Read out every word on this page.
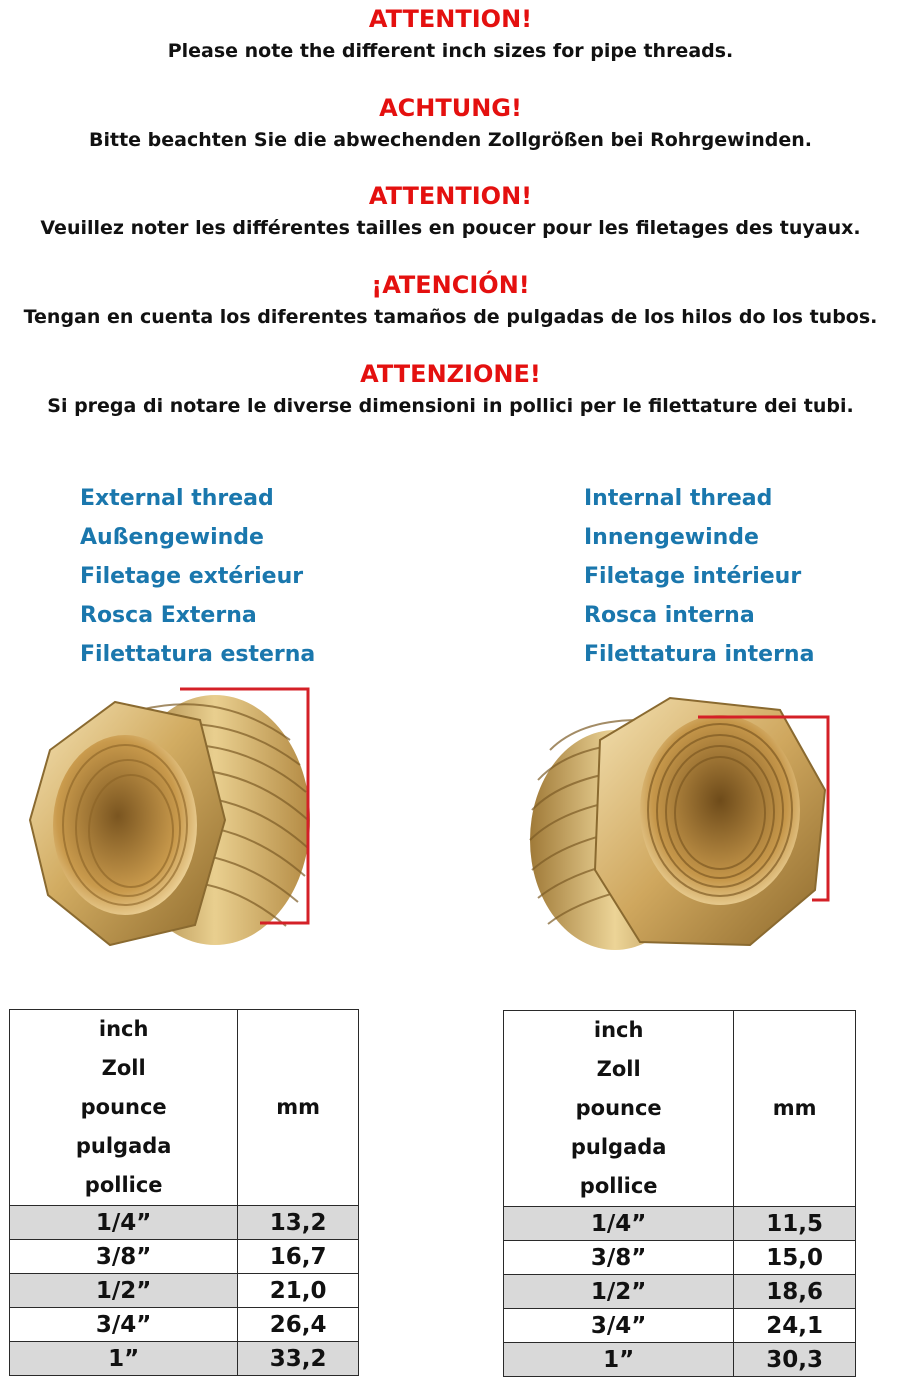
ATTENTION!
Please note the different inch sizes for pipe threads.
ACHTUNG!
Bitte beachten Sie die abwechenden Zollgrößen bei Rohrgewinden.
ATTENTION!
Veuillez noter les différentes tailles en poucer pour les filetages des tuyaux.
¡ATENCIÓN!
Tengan en cuenta los diferentes tamaños de pulgadas de los hilos do los tubos.
ATTENZIONE!
Si prega di notare le diverse dimensioni in pollici per le filettature dei tubi.
External thread
Außengewinde
Filetage extérieur
Rosca Externa
Filettatura esterna
Internal thread
Innengewinde
Filetage intérieur
Rosca interna
Filettatura interna
inch
Zoll
pounce
pulgada
pollice	mm
1/4”	13,2
3/8”	16,7
1/2”	21,0
3/4”	26,4
1”	33,2
inch
Zoll
pounce
pulgada
pollice	mm
1/4”	11,5
3/8”	15,0
1/2”	18,6
3/4”	24,1
1”	30,3
